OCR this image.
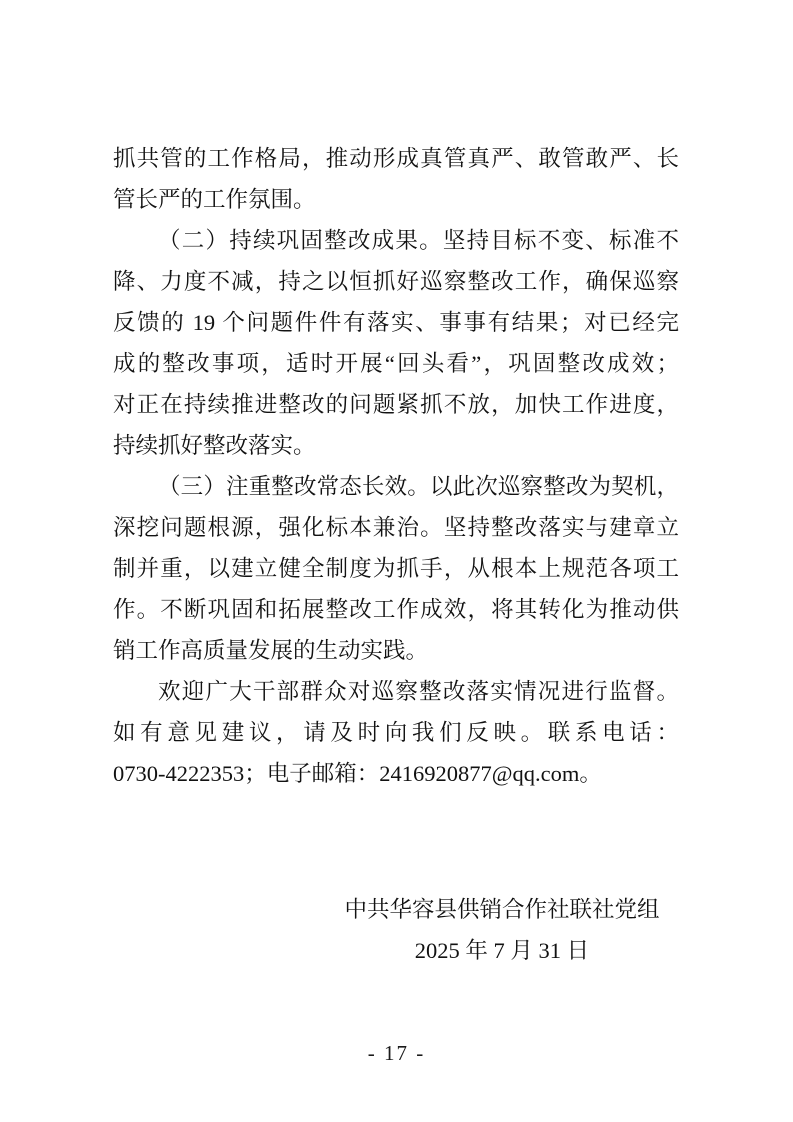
抓共管的工作格局，推动形成真管真严、敢管敢严、长
管长严的工作氛围。
（二）持续巩固整改成果。坚持目标不变、标准不
降、力度不减，持之以恒抓好巡察整改工作，确保巡察
反馈的 19 个问题件件有落实、事事有结果；对已经完
成的整改事项，适时开展“回头看”，巩固整改成效；
对正在持续推进整改的问题紧抓不放，加快工作进度，
持续抓好整改落实。
（三）注重整改常态长效。以此次巡察整改为契机，
深挖问题根源，强化标本兼治。坚持整改落实与建章立
制并重，以建立健全制度为抓手，从根本上规范各项工
作。不断巩固和拓展整改工作成效，将其转化为推动供
销工作高质量发展的生动实践。
欢迎广大干部群众对巡察整改落实情况进行监督。
如有意见建议，请及时向我们反映。联系电话：
0730-4222353；电子邮箱：2416920877@qq.com。
中共华容县供销合作社联社党组
2025 年 7 月 31 日
- 17 -
